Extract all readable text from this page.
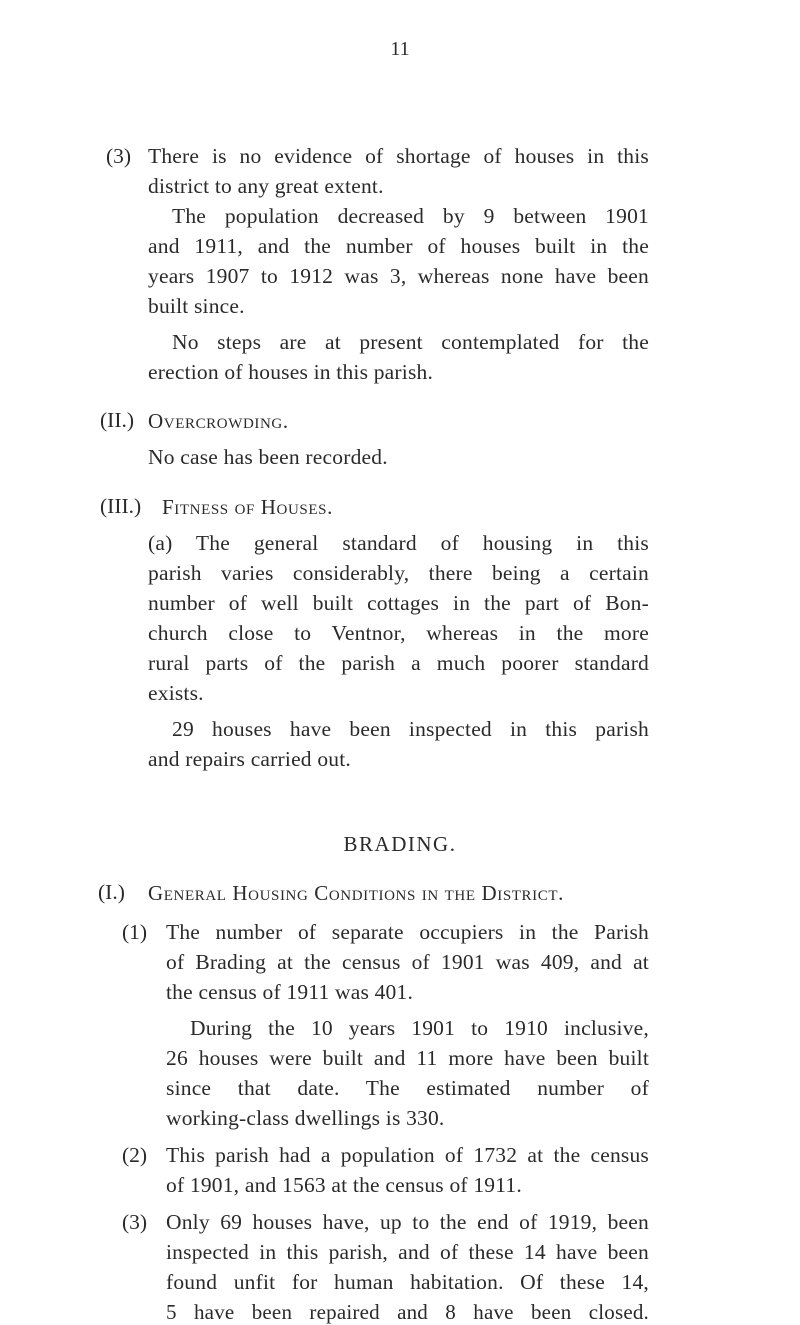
11
(3) There is no evidence of shortage of houses in this
district to any great extent.
The population decreased by 9 between 1901
and 1911, and the number of houses built in the
years 1907 to 1912 was 3, whereas none have been
built since.
No steps are at present contemplated for the
erection of houses in this parish.
(II.) Overcrowding.
No case has been recorded.
(III.) Fitness of Houses.
(a) The general standard of housing in this
parish varies considerably, there being a certain
number of well built cottages in the part of Bon-
church close to Ventnor, whereas in the more
rural parts of the parish a much poorer standard
exists.
29 houses have been inspected in this parish
and repairs carried out.
BRADING.
(I.) General Housing Conditions in the District.
(1) The number of separate occupiers in the Parish
of Brading at the census of 1901 was 409, and at
the census of 1911 was 401.
During the 10 years 1901 to 1910 inclusive,
26 houses were built and 11 more have been built
since that date. The estimated number of
working-class dwellings is 330.
(2) This parish had a population of 1732 at the census
of 1901, and 1563 at the census of 1911.
(3) Only 69 houses have, up to the end of 1919, been
inspected in this parish, and of these 14 have been
found unfit for human habitation. Of these 14,
5 have been repaired and 8 have been closed.
